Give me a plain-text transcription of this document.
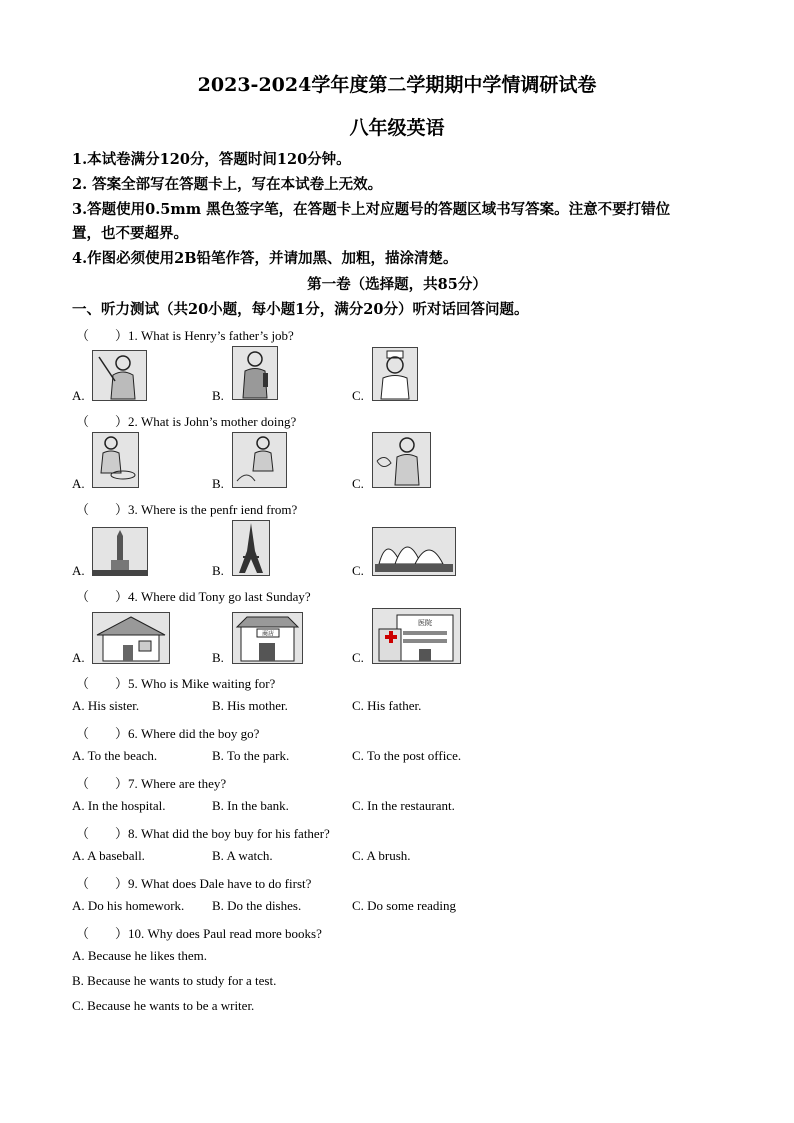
2023-2024学年度第二学期期中学情调研试卷
八年级英语
1.本试卷满分120分，答题时间120分钟。
2. 答案全部写在答题卡上，写在本试卷上无效。
3.答题使用0.5mm 黑色签字笔，在答题卡上对应题号的答题区域书写答案。注意不要打错位
置，也不要超界。
4.作图必须使用2B铅笔作答，并请加黑、加粗，描涂清楚。
第一卷（选择题，共85分）
一、听力测试（共20小题，每小题1分，满分20分）听对话回答问题。
（　　）1. What is Henry’s father’s job?
A.	B.	C.
（　　）2. What is John’s mother doing?
A.	B.	C.
（　　）3. Where is the penfr iend from?
A.	B.	C.
（　　）4. Where did Tony go last Sunday?
A.
商店
B.
医院
C.
（　　）5. Who is Mike waiting for?
A. His sister.	B. His mother.	C. His father.
（　　）6. Where did the boy go?
A. To the beach.	B. To the park.	C. To the post office.
（　　）7. Where are they?
A. In the hospital.	B. In the bank.	C. In the restaurant.
（　　）8. What did the boy buy for his father?
A. A baseball.	B. A watch.	C. A brush.
（　　）9. What does Dale have to do first?
A. Do his homework. B. Do the dishes.	C. Do some reading
（　　）10. Why does Paul read more books?
A. Because he likes them.
B. Because he wants to study for a test.
C. Because he wants to be a writer.
